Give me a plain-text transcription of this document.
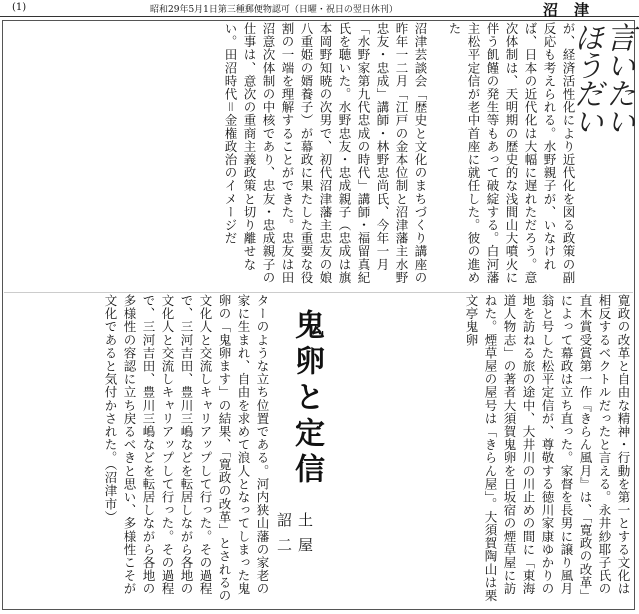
(1)	昭和29年5月1日第三種郵便物認可（日曜・祝日の翌日休刊）	沼津
言いたい
ほうだい
が、経済活性化により近代化を図る政策の副反応も考えられる。水野親子が、いなければ、日本の近代化は大幅に遅れただろう。意次体制は、天明期の歴史的な浅間山大噴火に伴う飢饉の発生等もあって破綻する。白河藩主松平定信が老中首座に就任した。彼の進めた
沼津芸談会「歴史と文化のまちづくり講座の昨年一二月「江戸の金本位制と沼津藩主水野忠友・忠成」講師・林野忠尚氏、今年一月「水野家第九代忠成の時代」講師・福留真紀氏を聴いた。水野忠友・忠成親子（忠成は旗本岡野知暁の次男で、初代沼津藩主忠友の娘八重姫の婿養子）が幕政に果たした重要な役割の一端を理解することができた。忠友は田沼意次体制の中核であり、忠友・忠成親子の仕事は、意次の重商主義政策と切り離せない。田沼時代＝金権政治のイメージだ
寛政の改革と自由な精神・行動を第一とする文化は相反するベクトルだったと言える。永井紗耶子氏の直木賞受賞第一作『きらん風月』は、「寛政の改革」によって幕政は立ち直った。家督を長男に譲り風月翁と号した松平定信が、尊敬する徳川家康ゆかりの地を訪ねる旅の途中、大井川の川止めの間に「東海道人物志」の著者大須賀鬼卵を日坂宿の煙草屋に訪ねた。煙草屋の屋号は「きらん屋」。大須賀陶山は栗文亭鬼卵
鬼卵と定信
土屋 詔二
ターのような立ち位置である。河内狭山藩の家老の家に生まれ、自由を求めて浪人となってしまった鬼卵の「鬼卵ます」の結果、「寛政の改革」とされるの文化人と交流しキャリアップして行った。その過程で、三河吉田、豊川三嶋などを転居しながら各地の文化人と交流しキャリアップして行った。その過程で、三河吉田、豊川三嶋などを転居しながら各地の多様性の容認に立ち戻るべきと思い、多様性こそが文化であると気付かされた。（沼津市）
